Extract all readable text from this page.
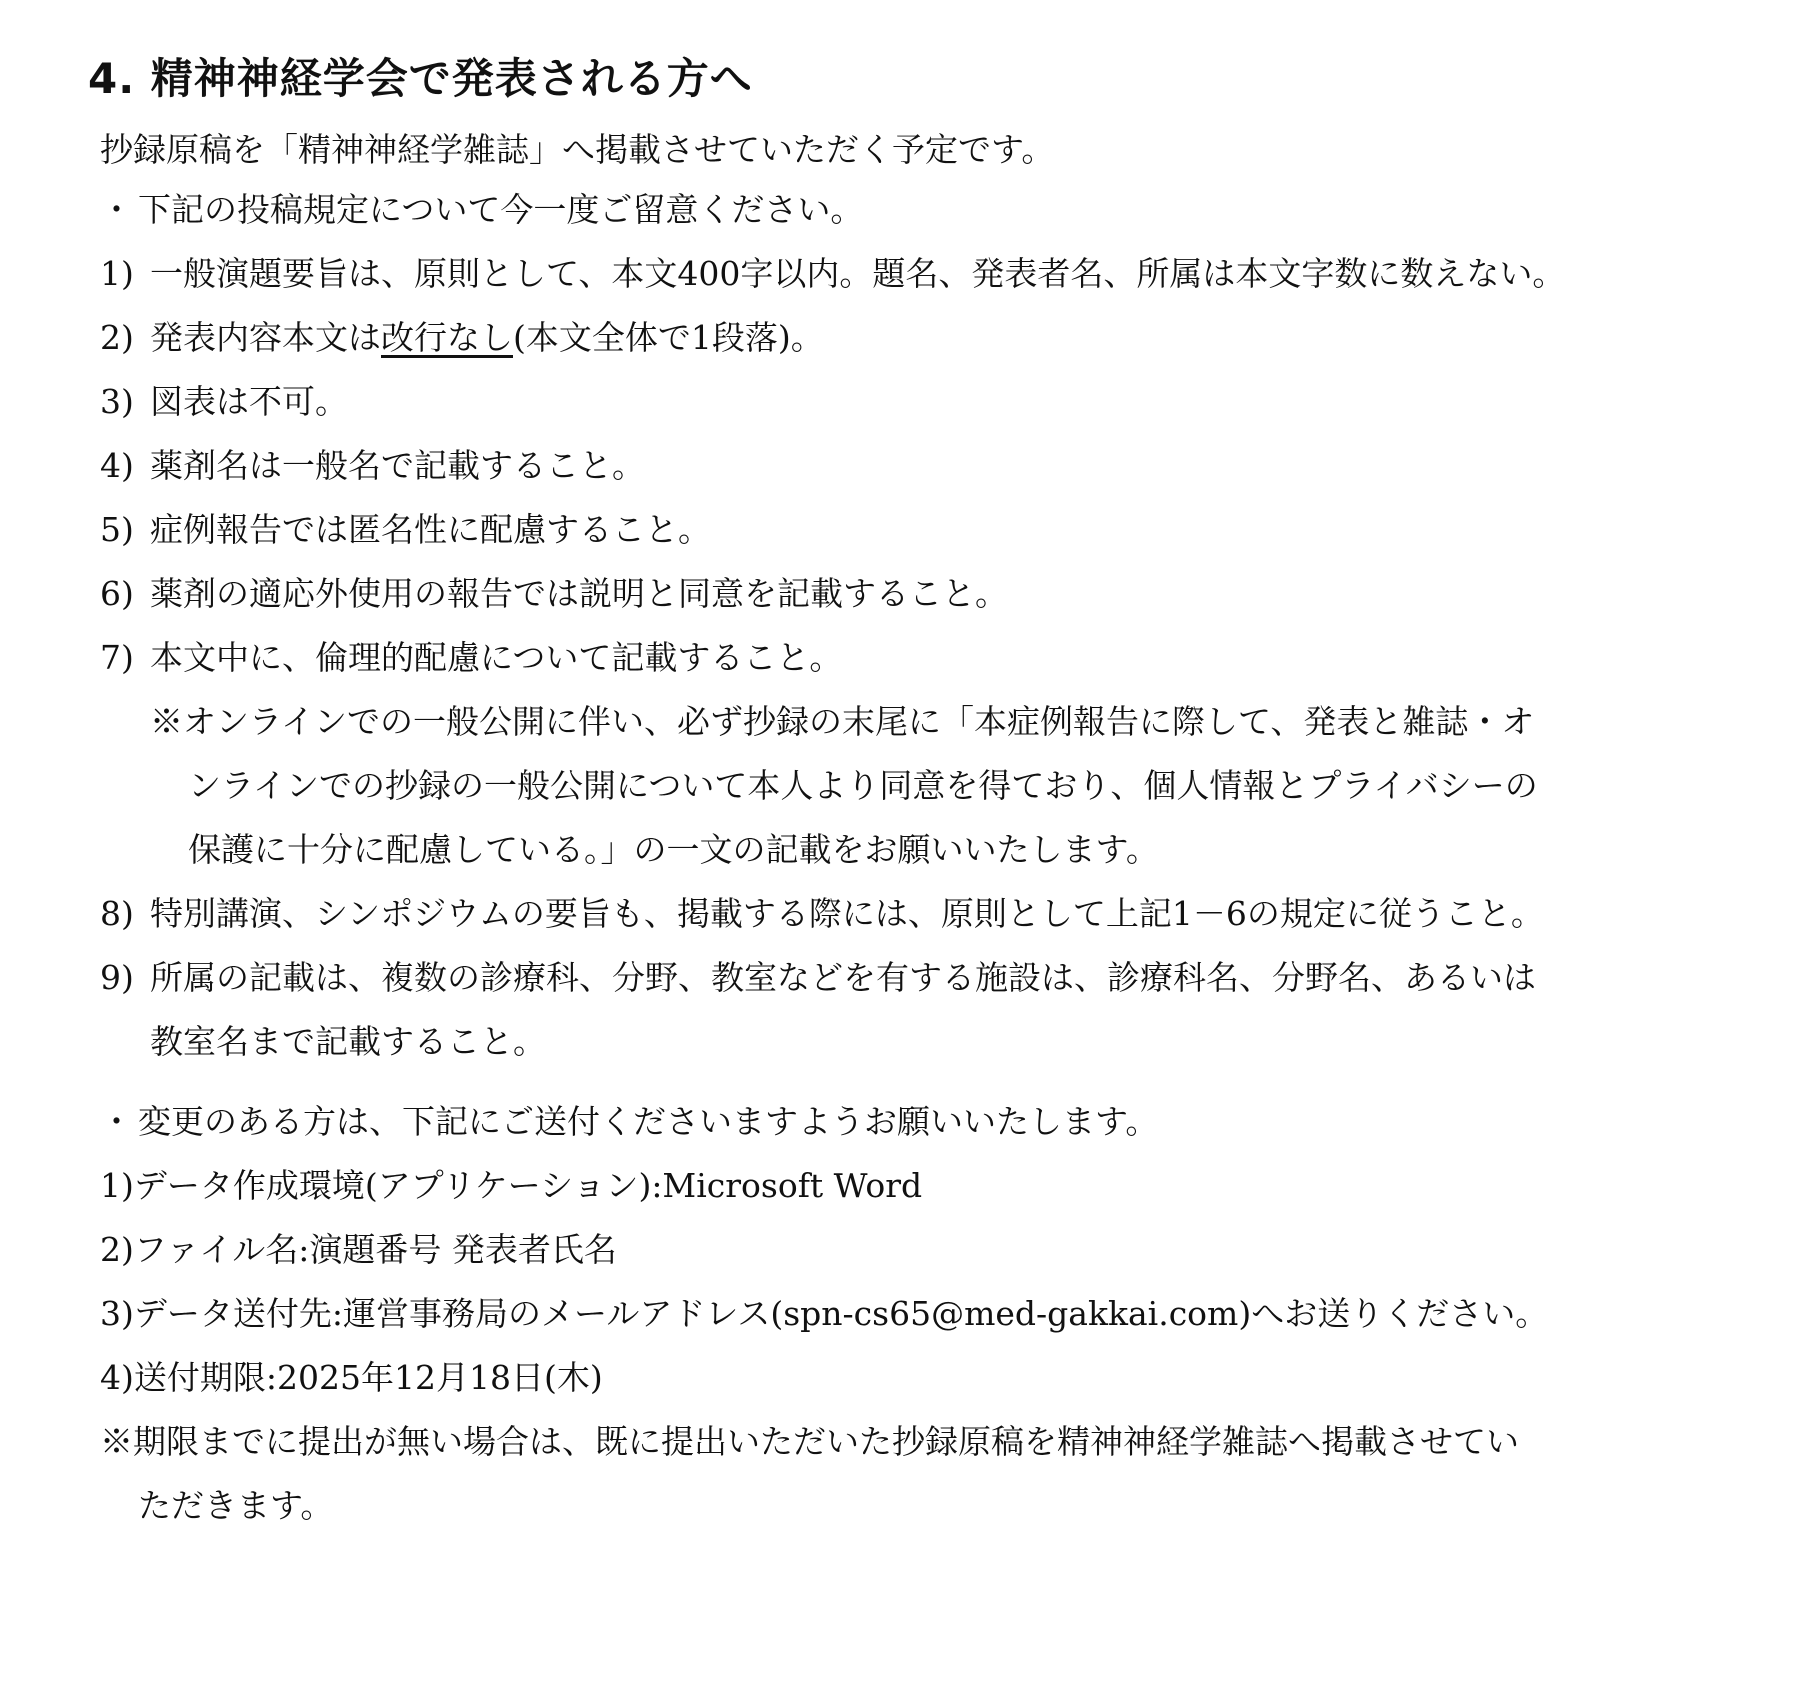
4. 精神神経学会で発表される方へ
抄録原稿を「精神神経学雑誌」へ掲載させていただく予定です。
・ 下記の投稿規定について今一度ご留意ください。
1) 一般演題要旨は、原則として、本文400字以内。題名、発表者名、所属は本文字数に数えない。
2) 発表内容本文は改行なし(本文全体で1段落)。
3) 図表は不可。
4) 薬剤名は一般名で記載すること。
5) 症例報告では匿名性に配慮すること。
6) 薬剤の適応外使用の報告では説明と同意を記載すること。
7) 本文中に、倫理的配慮について記載すること。
※オンラインでの一般公開に伴い、必ず抄録の末尾に「本症例報告に際して、発表と雑誌・オ
ンラインでの抄録の一般公開について本人より同意を得ており、個人情報とプライバシーの
保護に十分に配慮している。」の一文の記載をお願いいたします。
8) 特別講演、シンポジウムの要旨も、掲載する際には、原則として上記1－6の規定に従うこと。
9) 所属の記載は、複数の診療科、分野、教室などを有する施設は、診療科名、分野名、あるいは
教室名まで記載すること。
・ 変更のある方は、下記にご送付くださいますようお願いいたします。
1)データ作成環境(アプリケーション):Microsoft Word
2)ファイル名:演題番号 発表者氏名
3)データ送付先:運営事務局のメールアドレス(spn-cs65@med-gakkai.com)へお送りください。
4)送付期限:2025年12月18日(木)
※期限までに提出が無い場合は、既に提出いただいた抄録原稿を精神神経学雑誌へ掲載させてい
ただきます。
